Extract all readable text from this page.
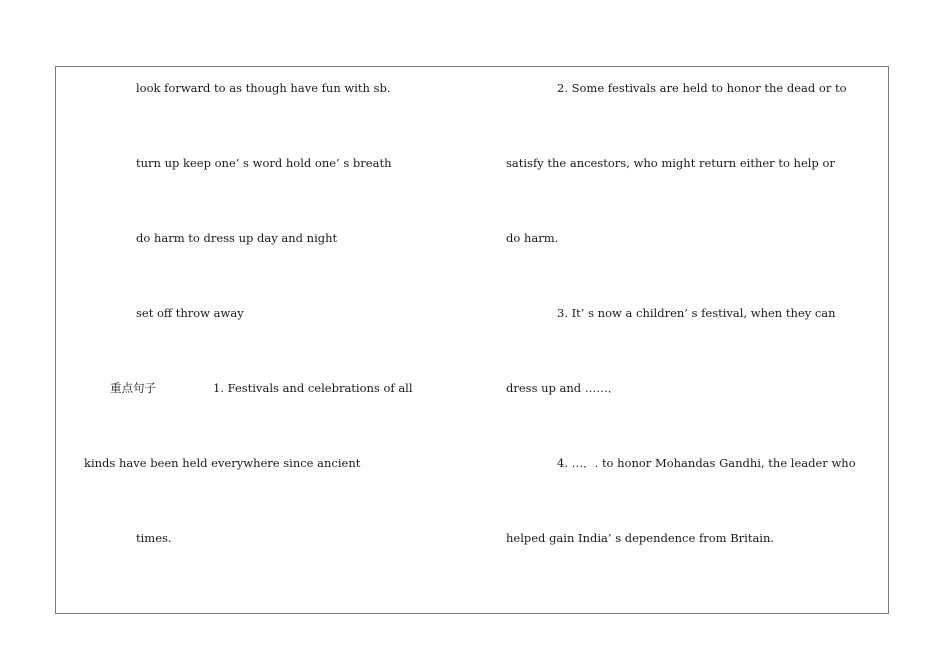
look forward to as though have fun with sb.
turn up keep one’ s word hold one’ s breath
do harm to dress up day and night
set off throw away
重点句子	1. Festivals and celebrations of all
kinds have been held everywhere since ancient
times.
2. Some festivals are held to honor the dead or to
satisfy the ancestors, who might return either to help or
do harm.
3. It’ s now a children’ s festival, when they can
dress up and ……．
4. …．. to honor Mohandas Gandhi, the leader who
helped gain India’ s dependence from Britain.
